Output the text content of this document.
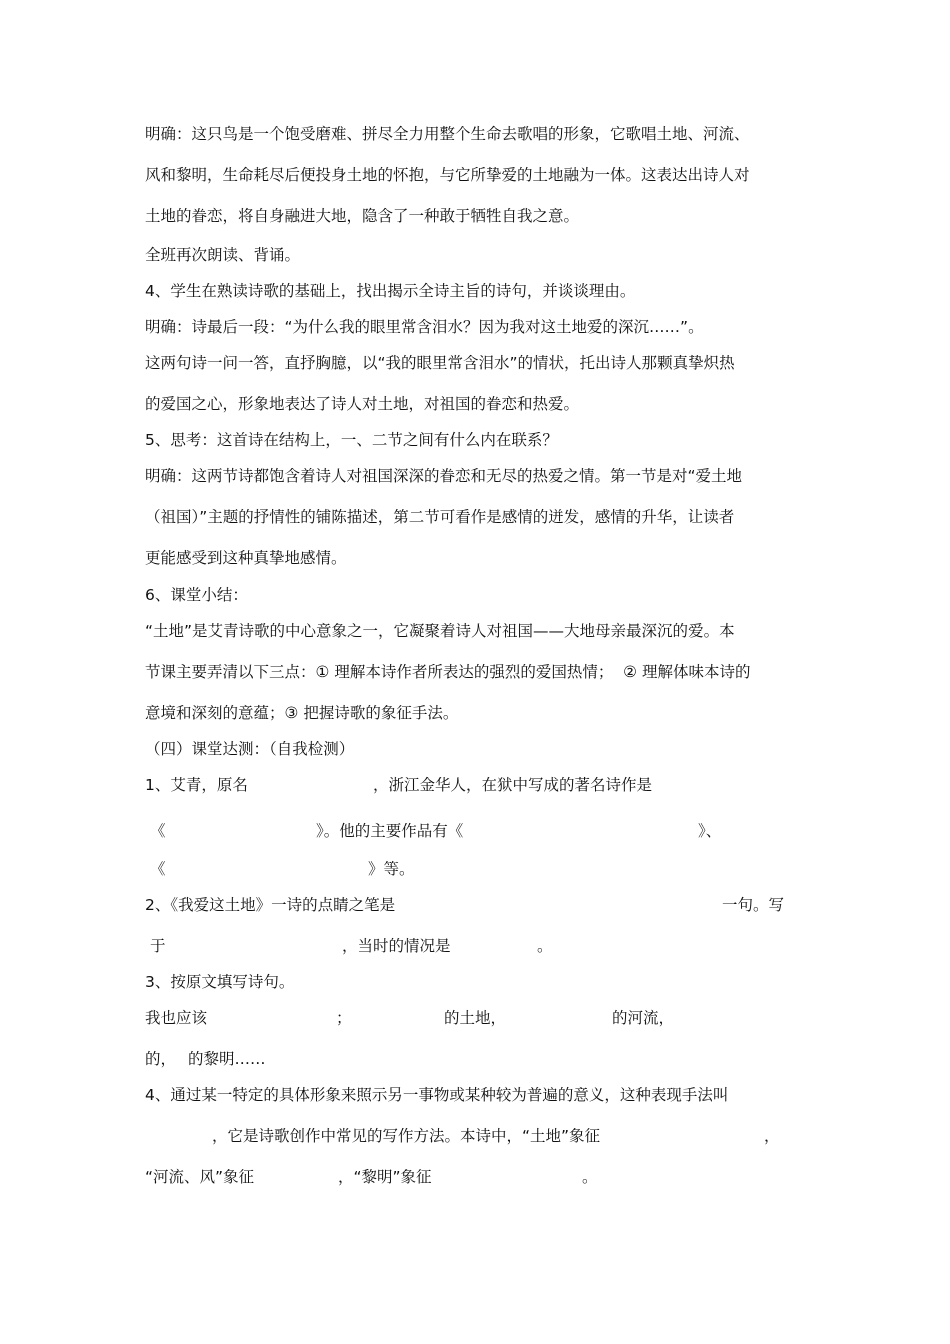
明确：这只鸟是一个饱受磨难、拼尽全力用整个生命去歌唱的形象，它歌唱土地、河流、
风和黎明，生命耗尽后便投身土地的怀抱，与它所挚爱的土地融为一体。这表达出诗人对
土地的眷恋，将自身融进大地，隐含了一种敢于牺牲自我之意。
全班再次朗读、背诵。
4、学生在熟读诗歌的基础上，找出揭示全诗主旨的诗句，并谈谈理由。
明确：诗最后一段：“为什么我的眼里常含泪水？因为我对这土地爱的深沉……”。
这两句诗一问一答，直抒胸臆，以“我的眼里常含泪水”的情状，托出诗人那颗真挚炽热
的爱国之心，形象地表达了诗人对土地，对祖国的眷恋和热爱。
5、思考：这首诗在结构上，一、二节之间有什么内在联系？
明确：这两节诗都饱含着诗人对祖国深深的眷恋和无尽的热爱之情。第一节是对“爱土地
（祖国）”主题的抒情性的铺陈描述，第二节可看作是感情的迸发，感情的升华，让读者
更能感受到这种真挚地感情。
6、课堂小结：
“土地”是艾青诗歌的中心意象之一，它凝聚着诗人对祖国——大地母亲最深沉的爱。本
节课主要弄清以下三点：① 理解本诗作者所表达的强烈的爱国热情；  ② 理解体味本诗的
意境和深刻的意蕴；③ 把握诗歌的象征手法。
（四）课堂达测：（自我检测）
1、艾青，原名	，浙江金华人，在狱中写成的著名诗作是
《	》。他的主要作品有《	》、
《	》等。
2、《我爱这土地》一诗的点睛之笔是	一句。写
于	，当时的情况是	。
3、按原文填写诗句。
我也应该	；	的土地，	的河流，
的， 的黎明……
4、通过某一特定的具体形象来照示另一事物或某种较为普遍的意义，这种表现手法叫
，它是诗歌创作中常见的写作方法。本诗中，“土地”象征	，
“河流、风”象征	，“黎明”象征	。
